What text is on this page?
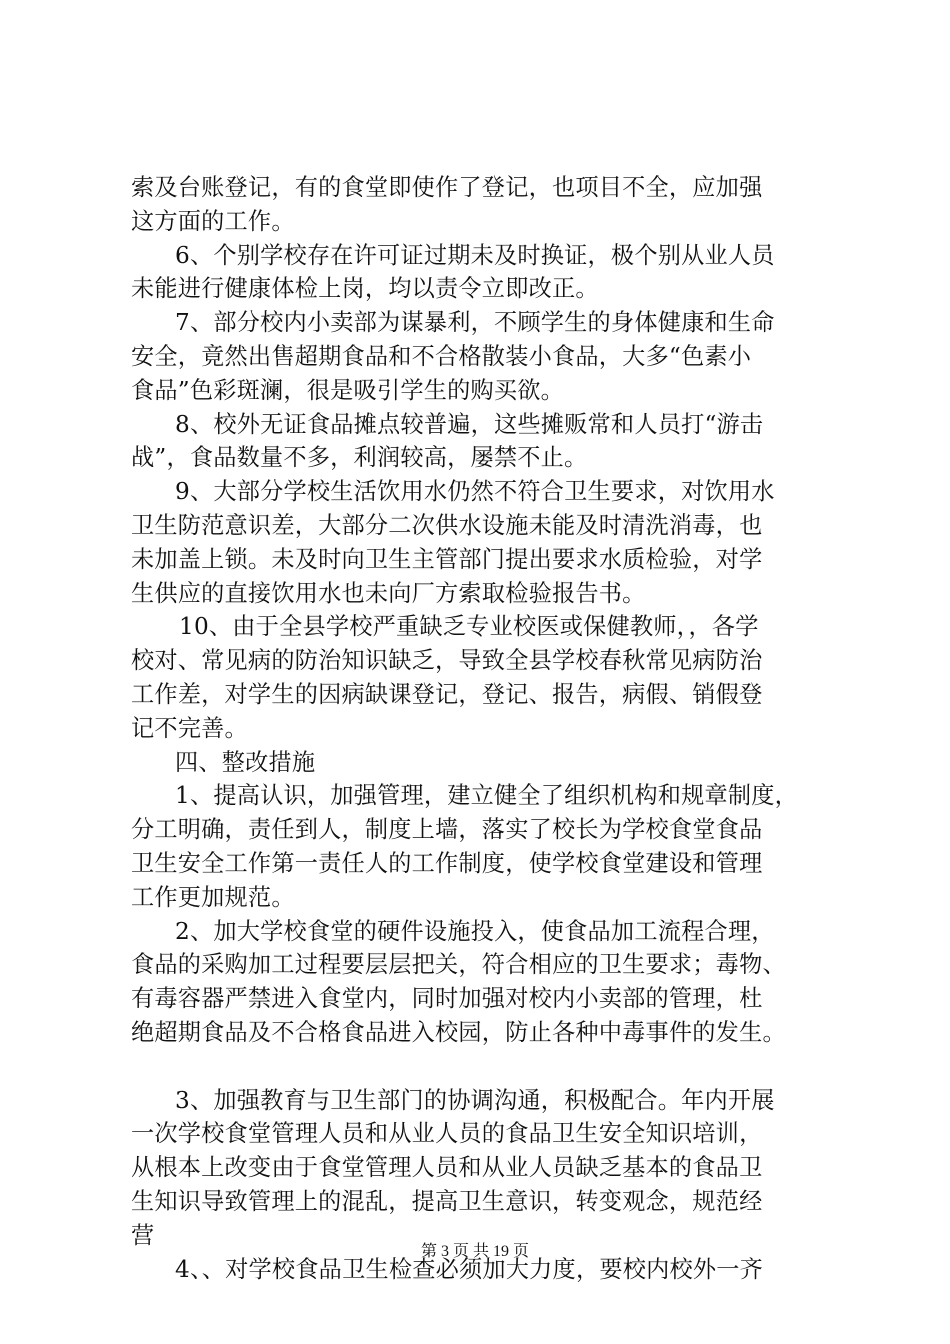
索及台账登记，有的食堂即使作了登记，也项目不全，应加强
这方面的工作。
6、个别学校存在许可证过期未及时换证，极个别从业人员
未能进行健康体检上岗，均以责令立即改正。
7、部分校内小卖部为谋暴利，不顾学生的身体健康和生命
安全，竟然出售超期食品和不合格散装小食品，大多“色素小
食品”色彩斑澜，很是吸引学生的购买欲。
8、校外无证食品摊点较普遍，这些摊贩常和人员打“游击
战”，食品数量不多，利润较高，屡禁不止。
9、大部分学校生活饮用水仍然不符合卫生要求，对饮用水
卫生防范意识差，大部分二次供水设施未能及时清洗消毒，也
未加盖上锁。未及时向卫生主管部门提出要求水质检验，对学
生供应的直接饮用水也未向厂方索取检验报告书。
10、由于全县学校严重缺乏专业校医或保健教师，，各学
校对、常见病的防治知识缺乏，导致全县学校春秋常见病防治
工作差，对学生的因病缺课登记，登记、报告，病假、销假登
记不完善。
四、整改措施
1、提高认识，加强管理，建立健全了组织机构和规章制度，
分工明确，责任到人，制度上墙，落实了校长为学校食堂食品
卫生安全工作第一责任人的工作制度，使学校食堂建设和管理
工作更加规范。
2、加大学校食堂的硬件设施投入，使食品加工流程合理，
食品的采购加工过程要层层把关，符合相应的卫生要求；毒物、
有毒容器严禁进入食堂内，同时加强对校内小卖部的管理，杜
绝超期食品及不合格食品进入校园，防止各种中毒事件的发生。
3、加强教育与卫生部门的协调沟通，积极配合。年内开展
一次学校食堂管理人员和从业人员的食品卫生安全知识培训，
从根本上改变由于食堂管理人员和从业人员缺乏基本的食品卫
生知识导致管理上的混乱，提高卫生意识，转变观念，规范经
营
4、、对学校食品卫生检查必须加大力度，要校内校外一齐
第 3 页 共 19 页
